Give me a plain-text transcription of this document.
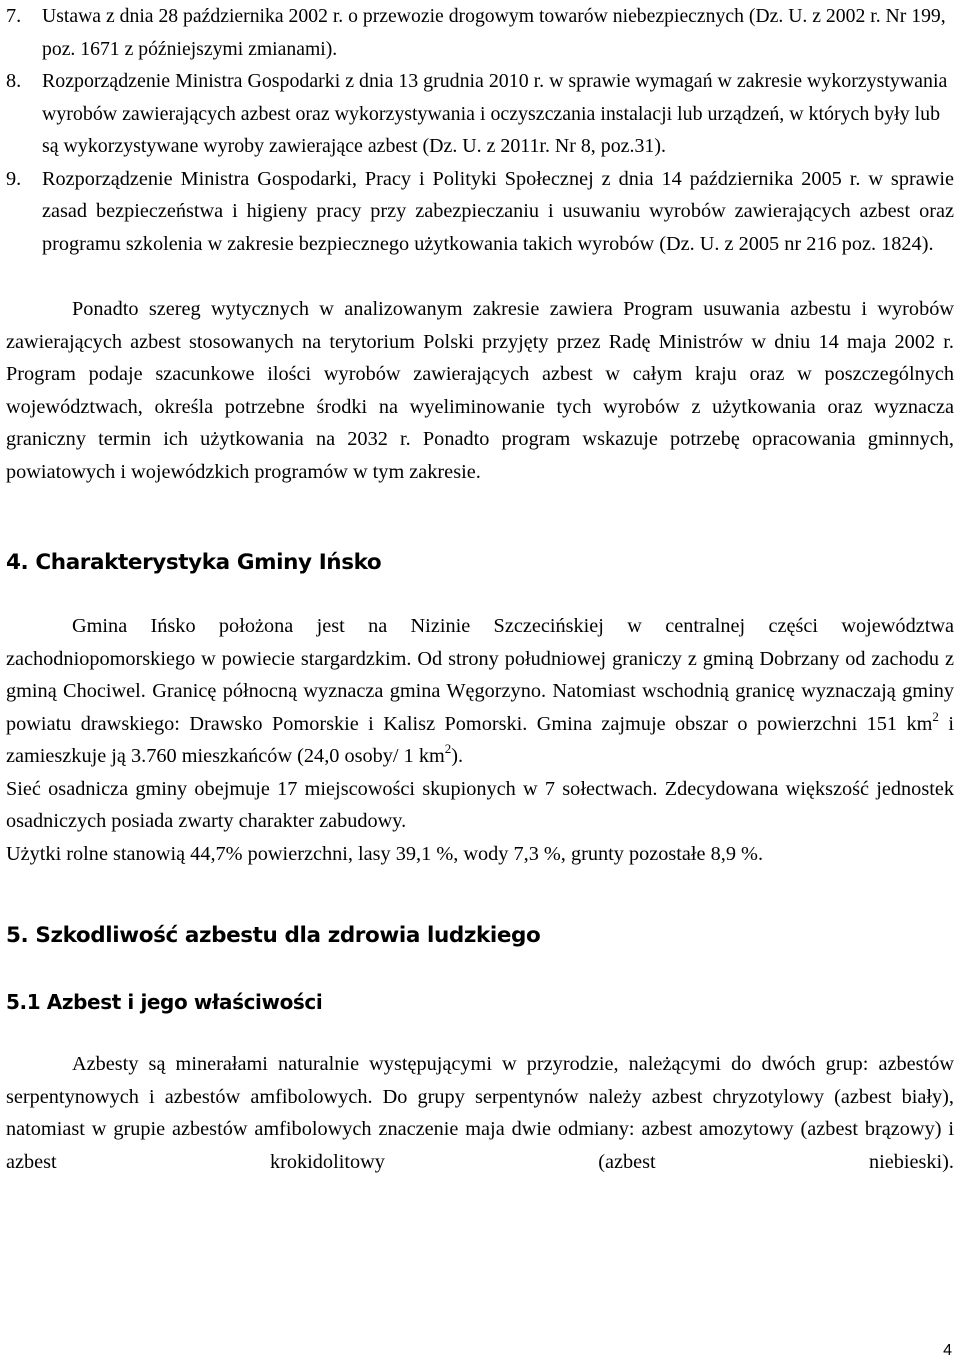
7. Ustawa z dnia 28 października 2002 r. o przewozie drogowym towarów niebezpiecznych (Dz. U. z 2002 r. Nr 199, poz. 1671 z późniejszymi zmianami).
8. Rozporządzenie Ministra Gospodarki z dnia 13 grudnia 2010 r. w sprawie wymagań w zakresie wykorzystywania wyrobów zawierających azbest oraz wykorzystywania i oczyszczania instalacji lub urządzeń, w których były lub są wykorzystywane wyroby zawierające azbest (Dz. U. z 2011r. Nr 8, poz.31).
9. Rozporządzenie Ministra Gospodarki, Pracy i Polityki Społecznej z dnia 14 października 2005 r. w sprawie zasad bezpieczeństwa i higieny pracy przy zabezpieczaniu i usuwaniu wyrobów zawierających azbest oraz programu szkolenia w zakresie bezpiecznego użytkowania takich wyrobów (Dz. U. z 2005 nr 216 poz. 1824).

Ponadto szereg wytycznych w analizowanym zakresie zawiera Program usuwania azbestu i wyrobów zawierających azbest stosowanych na terytorium Polski przyjęty przez Radę Ministrów w dniu 14 maja 2002 r. Program podaje szacunkowe ilości wyrobów zawierających azbest w całym kraju oraz w poszczególnych województwach, określa potrzebne środki na wyeliminowanie tych wyrobów z użytkowania oraz wyznacza graniczny termin ich użytkowania na 2032 r. Ponadto program wskazuje potrzebę opracowania gminnych, powiatowych i wojewódzkich programów w tym zakresie.

4. Charakterystyka Gminy Ińsko

Gmina Ińsko położona jest na Nizinie Szczecińskiej w centralnej części województwa zachodniopomorskiego w powiecie stargardzkim. Od strony południowej graniczy z gminą Dobrzany od zachodu z gminą Chociwel. Granicę północną wyznacza gmina Węgorzyno. Natomiast wschodnią granicę wyznaczają gminy powiatu drawskiego: Drawsko Pomorskie i Kalisz Pomorski. Gmina zajmuje obszar o powierzchni 151 $km^2$ i zamieszkuje ją 3.760 mieszkańców (24,0 osoby/ 1 $km^2$).

Sieć osadnicza gminy obejmuje 17 miejscowości skupionych w 7 sołectwach. Zdecydowana większość jednostek osadniczych posiada zwarty charakter zabudowy.

Użytki rolne stanowią 44,7% powierzchni, lasy 39,1 %, wody 7,3 %, grunty pozostałe 8,9 %.

5. Szkodliwość azbestu dla zdrowia ludzkiego
5.1 Azbest i jego właściwości

Azbesty są minerałami naturalnie występującymi w przyrodzie, należącymi do dwóch grup: azbestów serpentynowych i azbestów amfibolowych. Do grupy serpentynów należy azbest chryzotylowy (azbest biały), natomiast w grupie azbestów amfibolowych znaczenie maja dwie odmiany: azbest amozytowy (azbest brązowy) i azbest krokidolitowy (azbest niebieski).

4
